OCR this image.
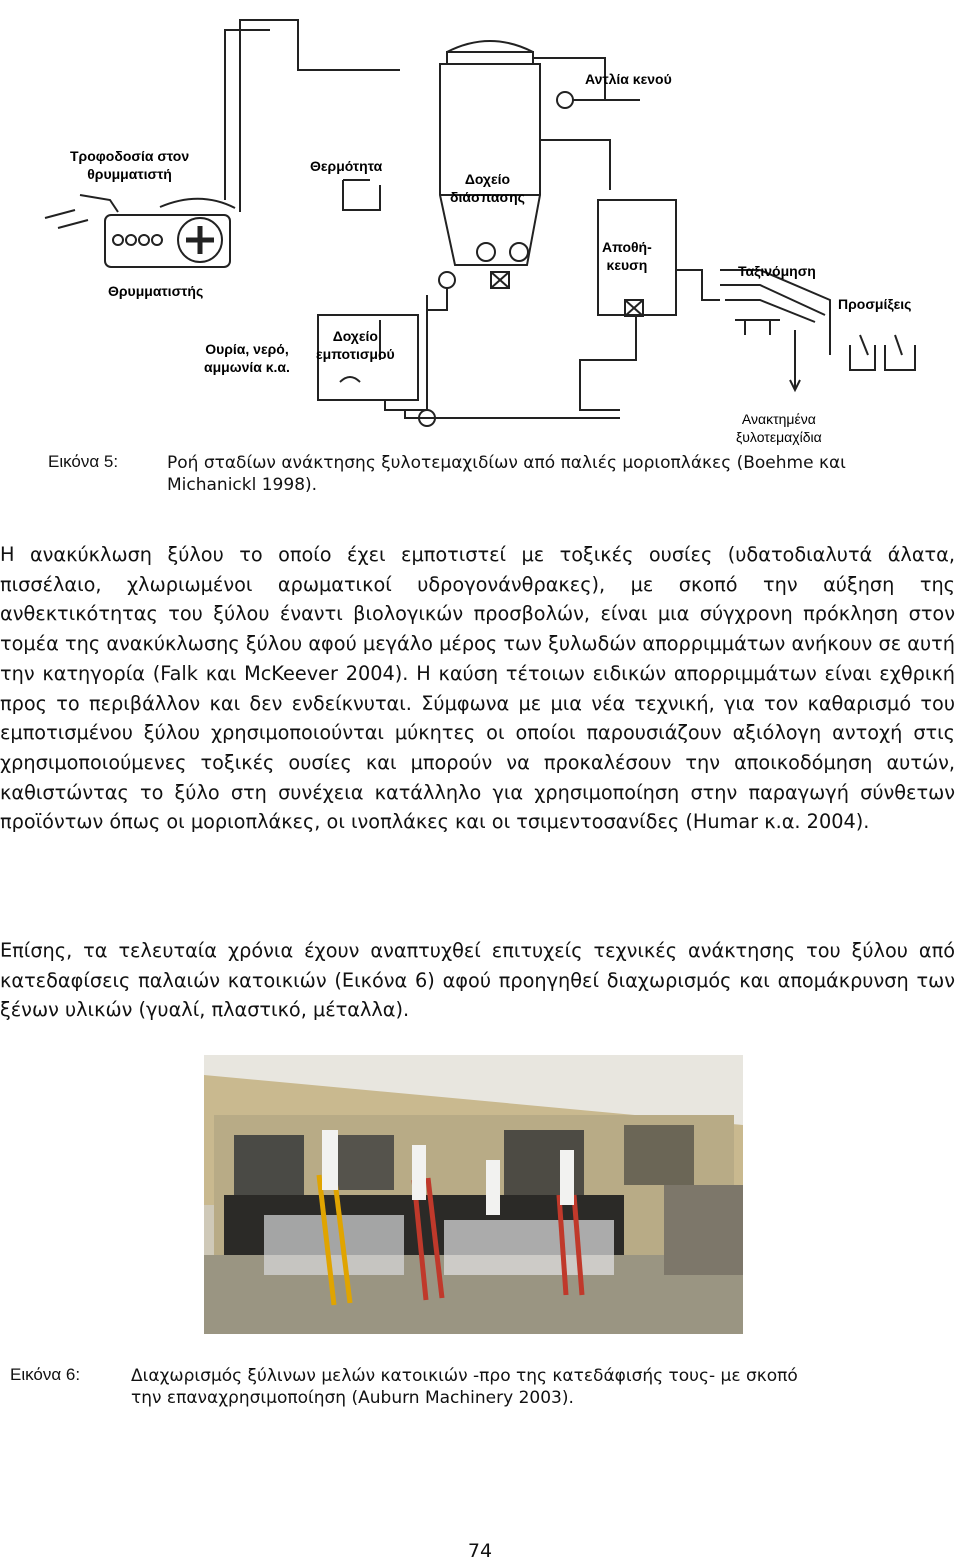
Αντλία κενού
Τροφοδοσία στον
θρυμματιστή	Θερμότητα
Δοχείο
διάσπασης
Αποθή-
κευση	Ταξινόμηση
Θρυμματιστής
Προσμίξεις
Ουρία, νερό,
αμμωνία κ.α.
Δοχείο
εμποτισμού
Ανακτημένα
ξυλοτεμαχίδια
Εικόνα 5:	Ροή σταδίων ανάκτησης ξυλοτεμαχιδίων από παλιές μοριοπλάκες (Boehme και
Michanickl 1998).

Η ανακύκλωση ξύλου το οποίο έχει εμποτιστεί με τοξικές ουσίες (υδατοδιαλυτά άλατα, πισσέλαιο, χλωριωμένοι αρωματικοί υδρογονάνθρακες), με σκοπό την αύξηση της ανθεκτικότητας του ξύλου έναντι βιολογικών προσβολών, είναι μια σύγχρονη πρόκληση στον τομέα της ανακύκλωσης ξύλου αφού μεγάλο μέρος των ξυλωδών απορριμμάτων ανήκουν σε αυτή την κατηγορία (Falk και McKeever 2004). Η καύση τέτοιων ειδικών απορριμμάτων είναι εχθρική προς το περιβάλλον και δεν ενδείκνυται. Σύμφωνα με μια νέα τεχνική, για τον καθαρισμό του εμποτισμένου ξύλου χρησιμοποιούνται μύκητες οι οποίοι παρουσιάζουν αξιόλογη αντοχή στις χρησιμοποιούμενες τοξικές ουσίες και μπορούν να προκαλέσουν την αποικοδόμηση αυτών, καθιστώντας το ξύλο στη συνέχεια κατάλληλο για χρησιμοποίηση στην παραγωγή σύνθετων προϊόντων όπως οι μοριοπλάκες, οι ινοπλάκες και οι τσιμεντοσανίδες (Humar κ.α. 2004).

Επίσης, τα τελευταία χρόνια έχουν αναπτυχθεί επιτυχείς τεχνικές ανάκτησης του ξύλου από κατεδαφίσεις παλαιών κατοικιών (Εικόνα 6) αφού προηγηθεί διαχωρισμός και απομάκρυνση των ξένων υλικών (γυαλί, πλαστικό, μέταλλα).

Εικόνα 6:	Διαχωρισμός ξύλινων μελών κατοικιών -προ της κατεδάφισής τους- με σκοπό
την επαναχρησιμοποίηση (Auburn Machinery 2003).
74
